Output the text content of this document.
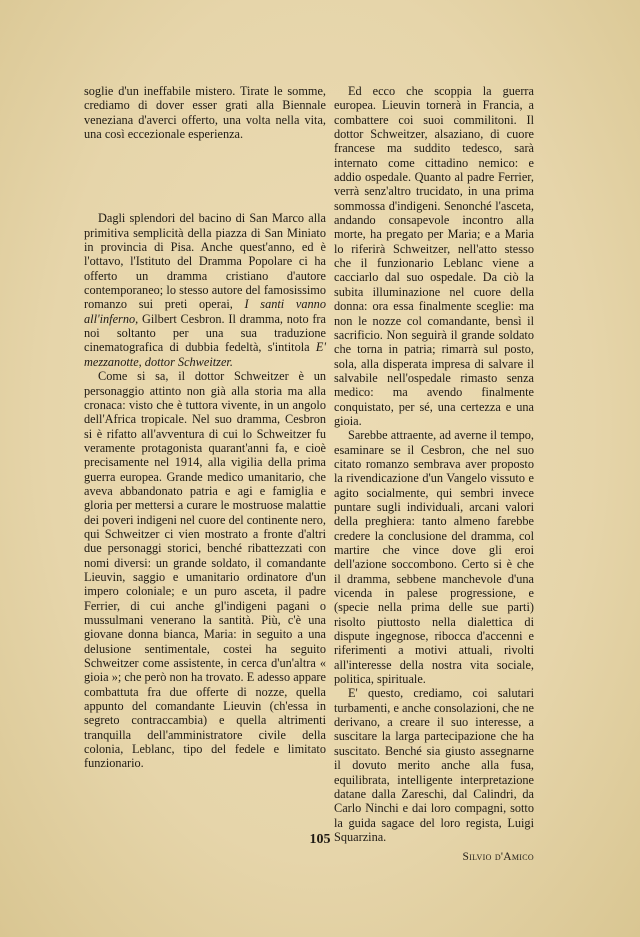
soglie d'un ineffabile mistero. Tirate le somme, crediamo di dover esser grati alla Biennale veneziana d'averci offerto, una volta nella vita, una così eccezionale esperienza.

Dagli splendori del bacino di San Marco alla primitiva semplicità della piazza di San Miniato in provincia di Pisa. Anche quest'anno, ed è l'ottavo, l'Istituto del Dramma Popolare ci ha offerto un dramma cristiano d'autore contemporaneo; lo stesso autore del famosissimo romanzo sui preti operai, I santi vanno all'inferno, Gilbert Cesbron. Il dramma, noto fra noi soltanto per una sua traduzione cinematografica di dubbia fedeltà, s'intitola E' mezzanotte, dottor Schweitzer.

Come si sa, il dottor Schweitzer è un personaggio attinto non già alla storia ma alla cronaca: visto che è tuttora vivente, in un angolo dell'Africa tropicale. Nel suo dramma, Cesbron si è rifatto all'avventura di cui lo Schweitzer fu veramente protagonista quarant'anni fa, e cioè precisamente nel 1914, alla vigilia della prima guerra europea. Grande medico umanitario, che aveva abbandonato patria e agi e famiglia e gloria per mettersi a curare le mostruose malattie dei poveri indigeni nel cuore del continente nero, qui Schweitzer ci vien mostrato a fronte d'altri due personaggi storici, benché ribattezzati con nomi diversi: un grande soldato, il comandante Lieuvin, saggio e umanitario ordinatore d'un impero coloniale; e un puro asceta, il padre Ferrier, di cui anche gl'indigeni pagani o mussulmani venerano la santità. Più, c'è una giovane donna bianca, Maria: in seguito a una delusione sentimentale, costei ha seguito Schweitzer come assistente, in cerca d'un'altra « gioia »; che però non ha trovato. E adesso appare combattuta fra due offerte di nozze, quella appunto del comandante Lieuvin (ch'essa in segreto contraccambia) e quella altrimenti tranquilla dell'amministratore civile della colonia, Leblanc, tipo del fedele e limitato funzionario.

Ed ecco che scoppia la guerra europea. Lieuvin tornerà in Francia, a combattere coi suoi commilitoni. Il dottor Schweitzer, alsaziano, di cuore francese ma suddito tedesco, sarà internato come cittadino nemico: e addio ospedale. Quanto al padre Ferrier, verrà senz'altro trucidato, in una prima sommossa d'indigeni. Senonché l'asceta, andando consapevole incontro alla morte, ha pregato per Maria; e a Maria lo riferirà Schweitzer, nell'atto stesso che il funzionario Leblanc viene a cacciarlo dal suo ospedale. Da ciò la subita illuminazione nel cuore della donna: ora essa finalmente sceglie: ma non le nozze col comandante, bensì il sacrificio. Non seguirà il grande soldato che torna in patria; rimarrà sul posto, sola, alla disperata impresa di salvare il salvabile nell'ospedale rimasto senza medico: ma avendo finalmente conquistato, per sé, una certezza e una gioia.

Sarebbe attraente, ad averne il tempo, esaminare se il Cesbron, che nel suo citato romanzo sembrava aver proposto la rivendicazione d'un Vangelo vissuto e agito socialmente, qui sembri invece puntare sugli individuali, arcani valori della preghiera: tanto almeno farebbe credere la conclusione del dramma, col martire che vince dove gli eroi dell'azione soccombono. Certo si è che il dramma, sebbene manchevole d'una vicenda in palese progressione, e (specie nella prima delle sue parti) risolto piuttosto nella dialettica di dispute ingegnose, ribocca d'accenni e riferimenti a motivi attuali, rivolti all'interesse della nostra vita sociale, politica, spirituale.

E' questo, crediamo, coi salutari turbamenti, e anche consolazioni, che ne derivano, a creare il suo interesse, a suscitare la larga partecipazione che ha suscitato. Benché sia giusto assegnarne il dovuto merito anche alla fusa, equilibrata, intelligente interpretazione datane dalla Zareschi, dal Calindri, da Carlo Ninchi e dai loro compagni, sotto la guida sagace del loro regista, Luigi Squarzina.

Silvio d'Amico
105
